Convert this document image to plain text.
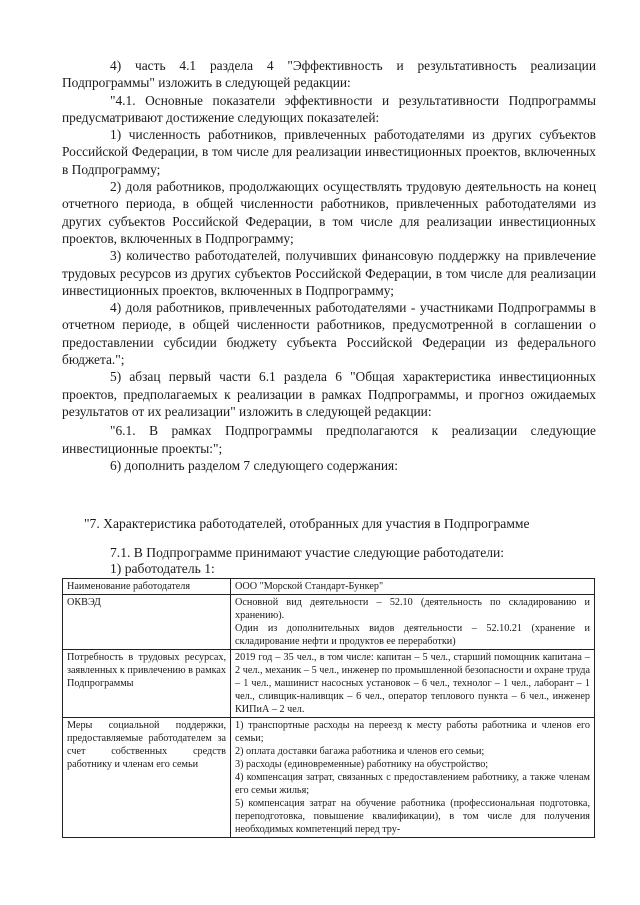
4) часть 4.1 раздела 4 "Эффективность и результативность реализации Подпрограммы" изложить в следующей редакции:

"4.1. Основные показатели эффективности и результативности Подпрограммы предусматривают достижение следующих показателей:

1) численность работников, привлеченных работодателями из других субъектов Российской Федерации, в том числе для реализации инвестиционных проектов, включенных в Подпрограмму;

2) доля работников, продолжающих осуществлять трудовую деятельность на конец отчетного периода, в общей численности работников, привлеченных работодателями из других субъектов Российской Федерации, в том числе для реализации инвестиционных проектов, включенных в Подпрограмму;

3) количество работодателей, получивших финансовую поддержку на привлечение трудовых ресурсов из других субъектов Российской Федерации, в том числе для реализации инвестиционных проектов, включенных в Подпрограмму;

4) доля работников, привлеченных работодателями - участниками Подпрограммы в отчетном периоде, в общей численности работников, предусмотренной в соглашении о предоставлении субсидии бюджету субъекта Российской Федерации из федерального бюджета.";

5) абзац первый части 6.1 раздела 6 "Общая характеристика инвестиционных проектов, предполагаемых к реализации в рамках Подпрограммы, и прогноз ожидаемых результатов от их реализации" изложить в следующей редакции:

"6.1. В рамках Подпрограммы предполагаются к реализации следующие инвестиционные проекты:";

6) дополнить разделом 7 следующего содержания:

"7. Характеристика работодателей, отобранных для участия в Подпрограмме
7.1. В Подпрограмме принимают участие следующие работодатели:
1) работодатель 1:
Наименование работодателя	ООО "Морской Стандарт-Бункер"
ОКВЭД	Основной вид деятельности – 52.10 (деятельность по складированию и хранению).
Один из дополнительных видов деятельности – 52.10.21 (хранение и складирование нефти и продуктов ее переработки)

Потребность в трудовых ресурсах, заявленных к привлечению в рамках Подпрограммы	2019 год – 35 чел., в том числе: капитан – 5 чел., старший помощник капитана – 2 чел., механик – 5 чел., инженер по промышленной безопасности и охране труда – 1 чел., машинист насосных установок – 6 чел., технолог – 1 чел., лаборант – 1 чел., сливщик-наливщик – 6 чел., оператор теплового пункта – 6 чел., инженер КИПиА – 2 чел.
Меры социальной поддержки, предоставляемые работодателем за счет собственных средств работнику и членам его семьи	1) транспортные расходы на переезд к месту работы работника и членов его семьи;
2) оплата доставки багажа работника и членов его семьи;
3) расходы (единовременные) работнику на обустройство;
4) компенсация затрат, связанных с предоставлением работнику, а также членам его семьи жилья;
5) компенсация затрат на обучение работника (профессиональная подготовка, переподготовка, повышение квалификации), в том числе для получения необходимых компетенций перед тру-
